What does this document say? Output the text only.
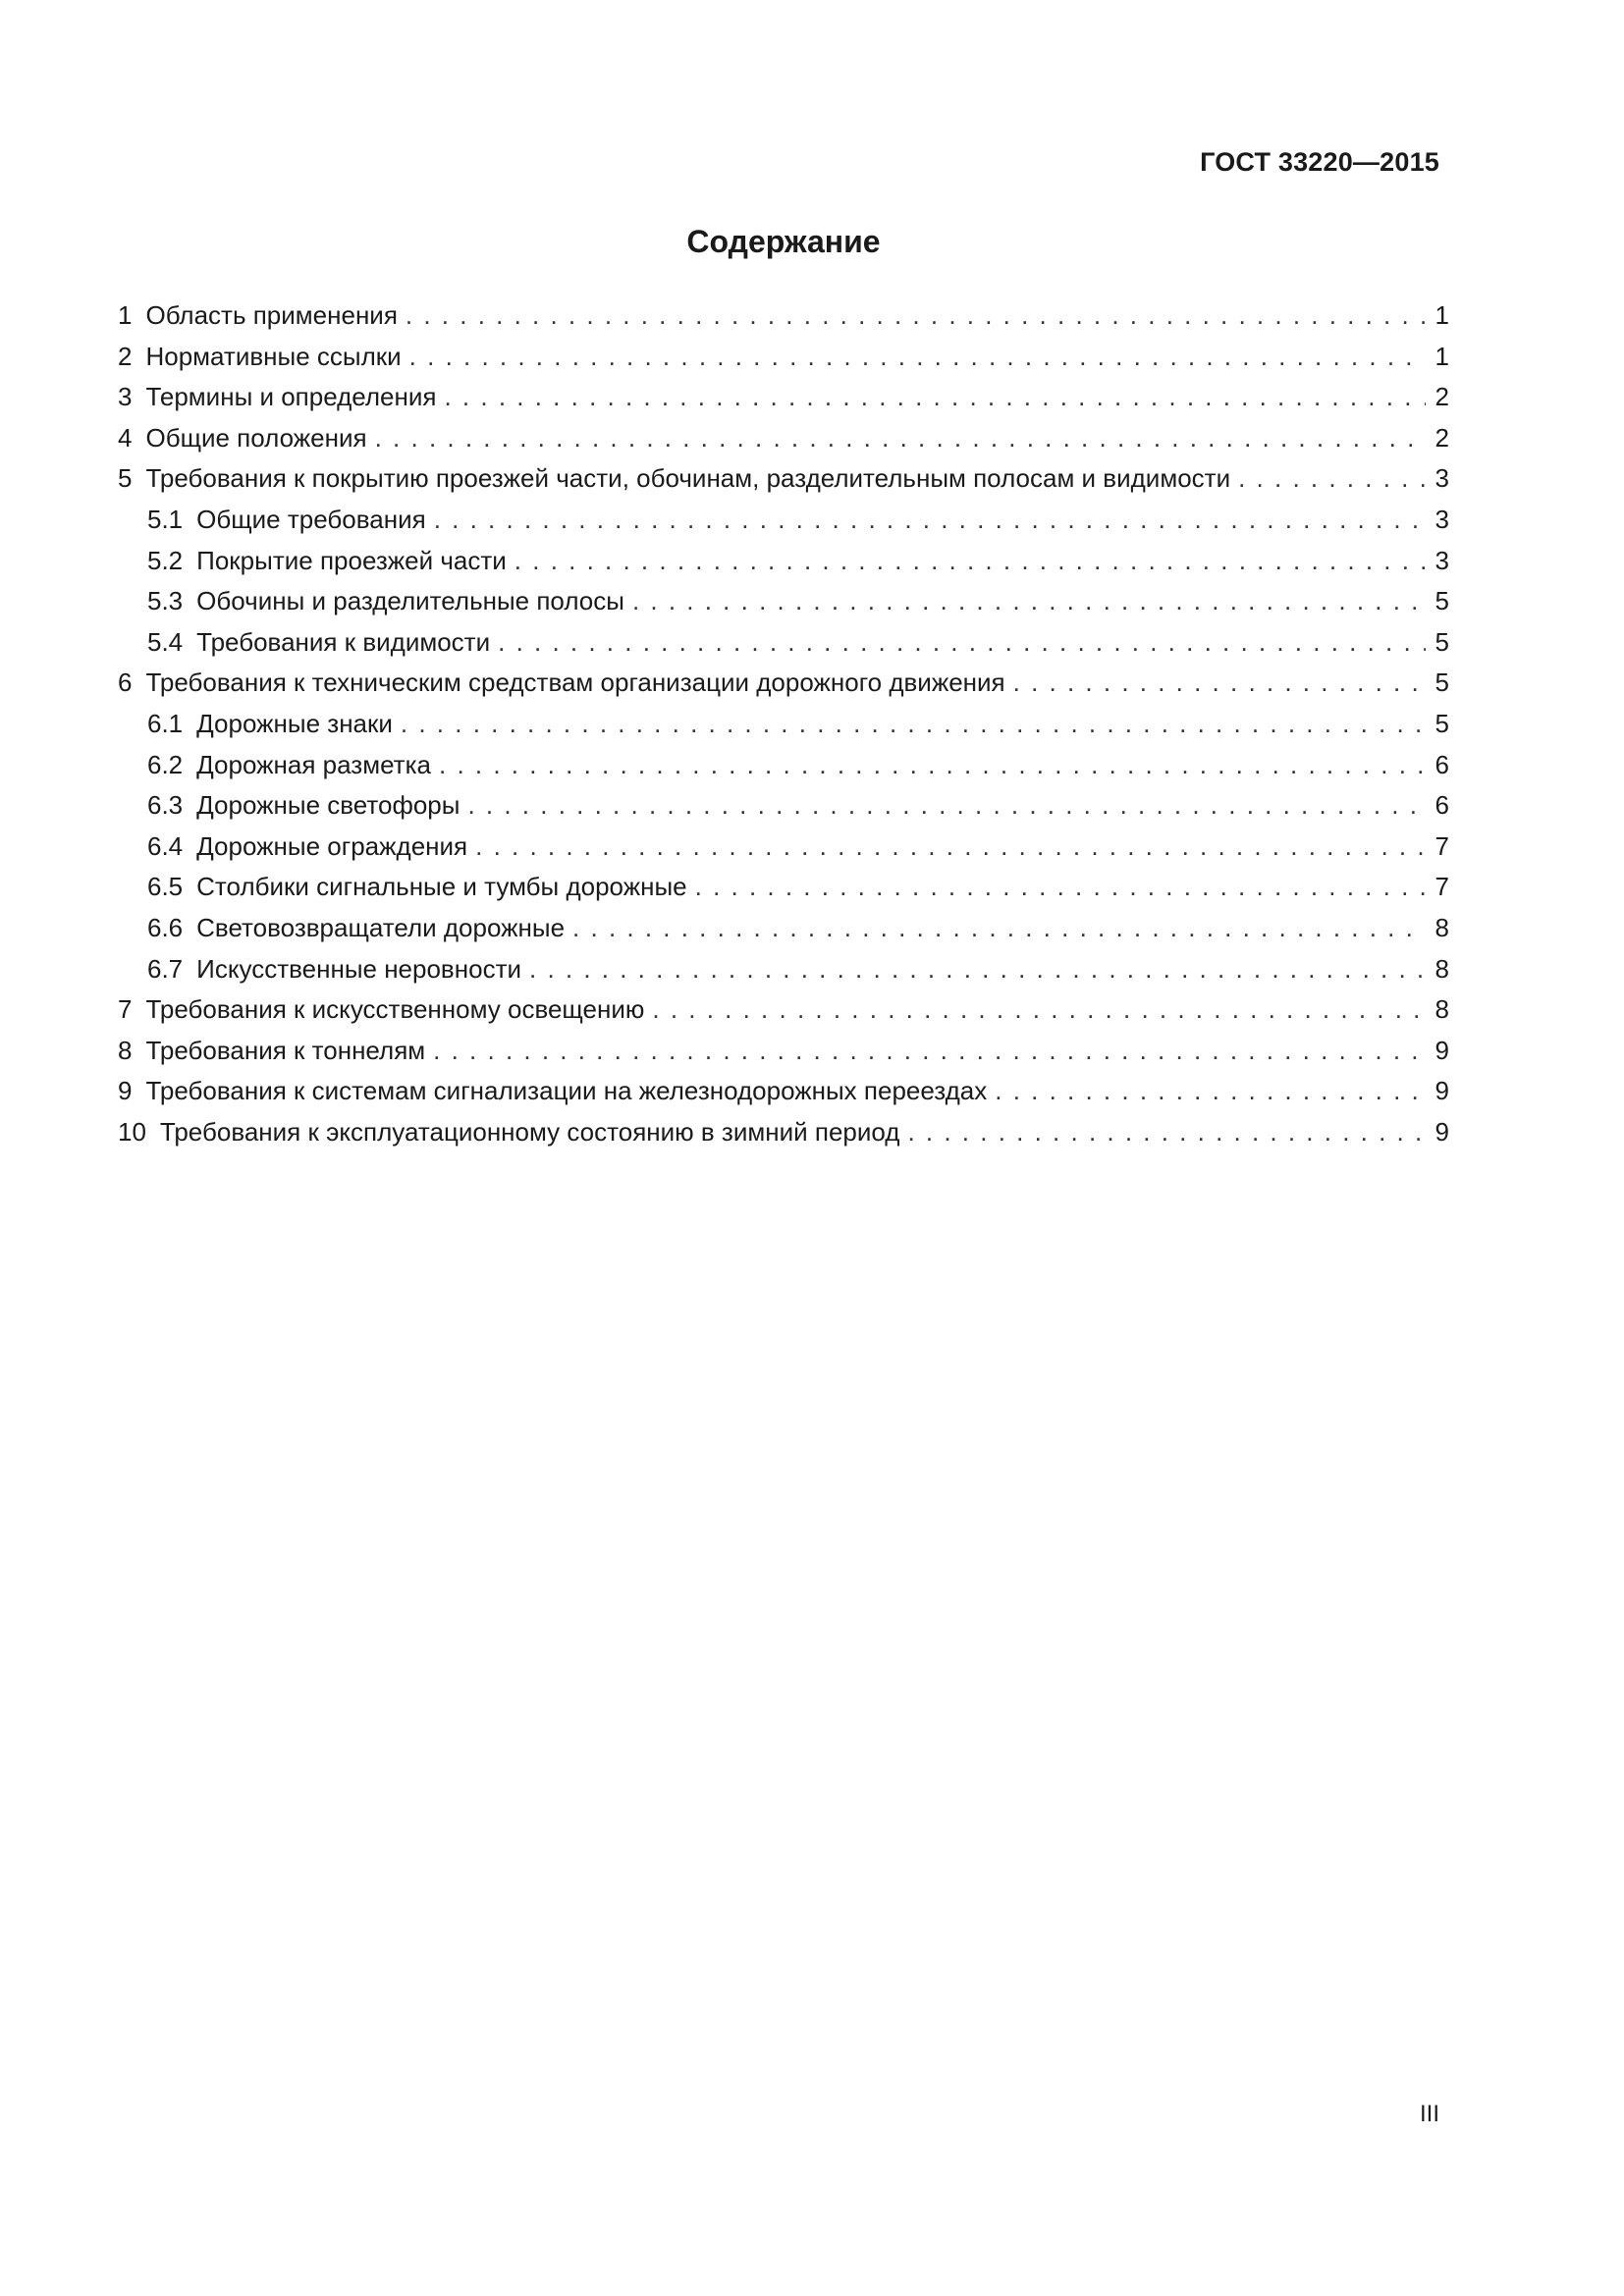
ГОСТ 33220—2015
Содержание
1 Область применения . . .	1
2 Нормативные ссылки . . .	1
3 Термины и определения . . .	2
4 Общие положения . . .	2
5 Требования к покрытию проезжей части, обочинам, разделительным полосам и видимости . . .	3
5.1 Общие требования . . .	3
5.2 Покрытие проезжей части . . .	3
5.3 Обочины и разделительные полосы . . .	5
5.4 Требования к видимости . . .	5
6 Требования к техническим средствам организации дорожного движения . . .	5
6.1 Дорожные знаки . . .	5
6.2 Дорожная разметка . . .	6
6.3 Дорожные светофоры . . .	6
6.4 Дорожные ограждения . . .	7
6.5 Столбики сигнальные и тумбы дорожные . . .	7
6.6 Световозвращатели дорожные . . .	8
6.7 Искусственные неровности . . .	8
7 Требования к искусственному освещению . . .	8
8 Требования к тоннелям . . .	9
9 Требования к системам сигнализации на железнодорожных переездах . . .	9
10 Требования к эксплуатационному состоянию в зимний период . . .	9
III
